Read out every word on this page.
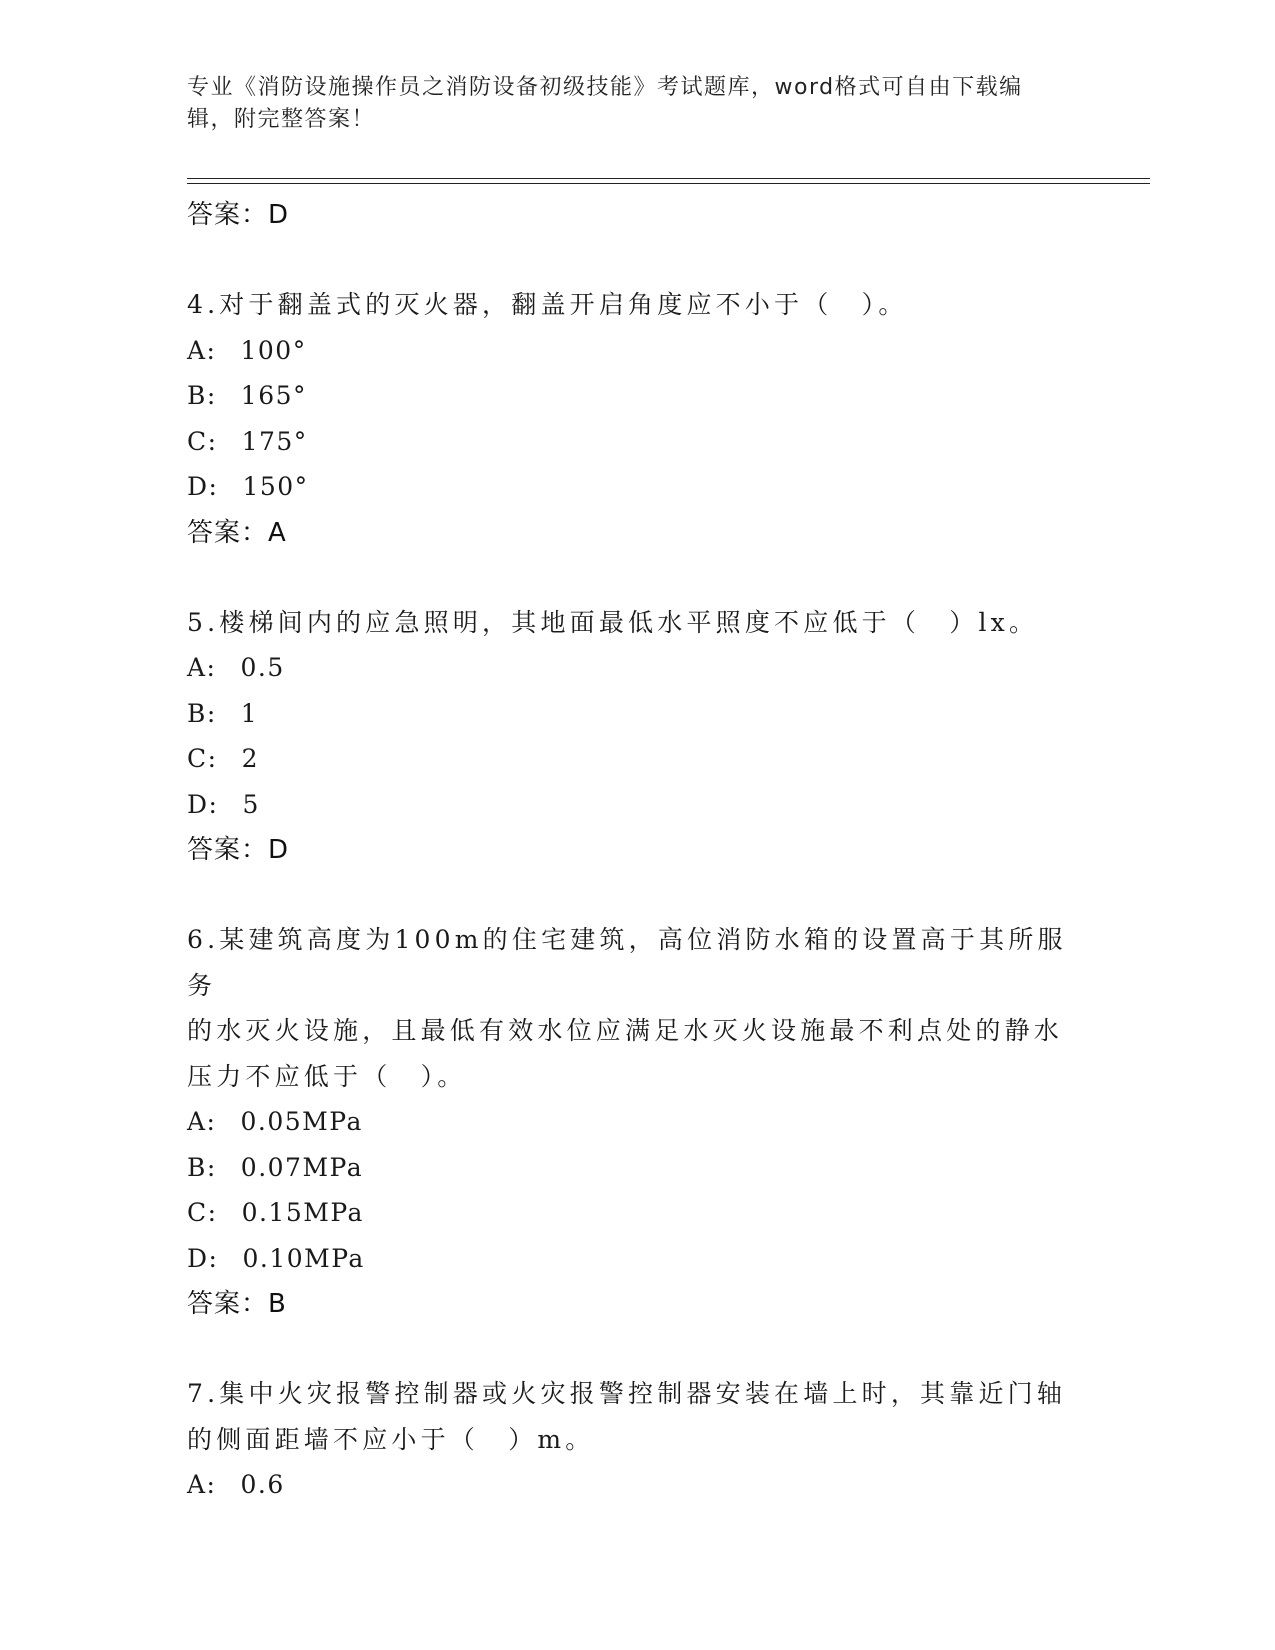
专业《消防设施操作员之消防设备初级技能》考试题库，word格式可自由下载编
辑，附完整答案！
答案：D
4.对于翻盖式的灭火器，翻盖开启角度应不小于（　）。
A: 100°
B: 165°
C: 175°
D: 150°
答案：A
5.楼梯间内的应急照明，其地面最低水平照度不应低于（　）lx。
A: 0.5
B: 1
C: 2
D: 5
答案：D
6.某建筑高度为100m的住宅建筑，高位消防水箱的设置高于其所服务
的水灭火设施，且最低有效水位应满足水灭火设施最不利点处的静水
压力不应低于（　）。
A: 0.05MPa
B: 0.07MPa
C: 0.15MPa
D: 0.10MPa
答案：B
7.集中火灾报警控制器或火灾报警控制器安装在墙上时，其靠近门轴
的侧面距墙不应小于（　）m。
A: 0.6
